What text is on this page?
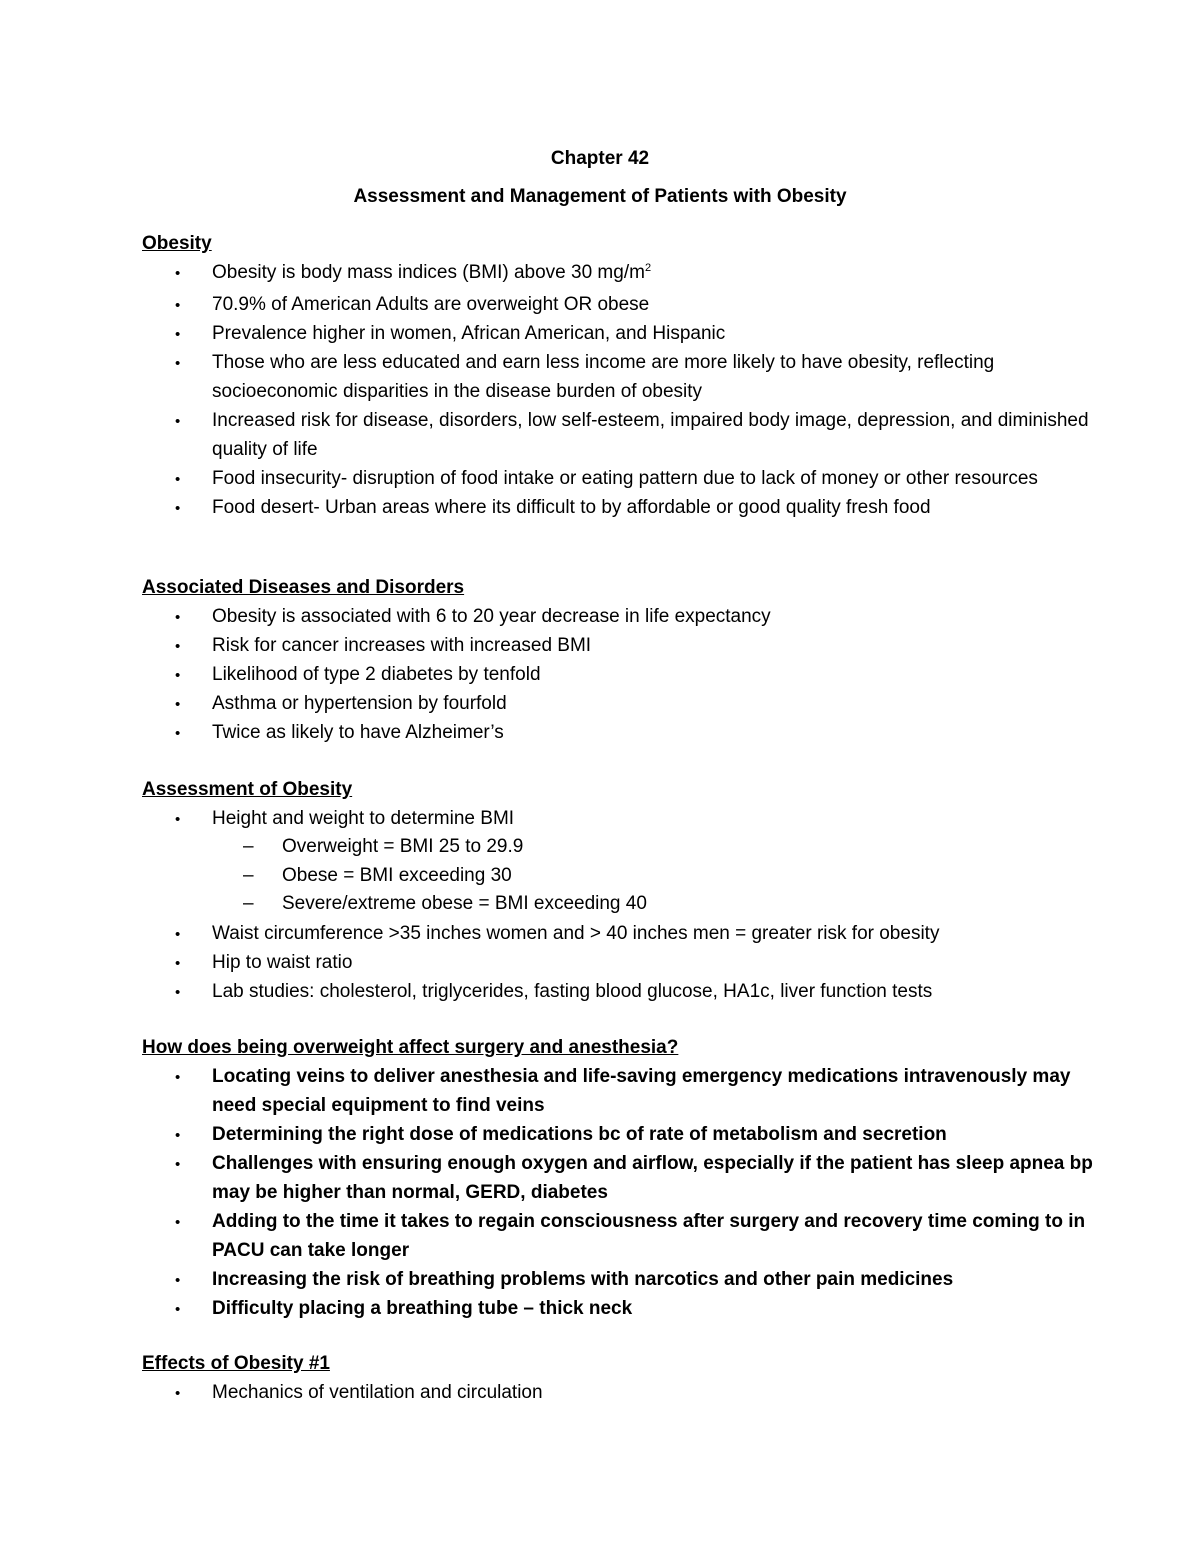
Chapter 42
Assessment and Management of Patients with Obesity
Obesity
• Obesity is body mass indices (BMI) above 30 $mg/m^2$
• 70.9% of American Adults are overweight OR obese
• Prevalence higher in women, African American, and Hispanic
• Those who are less educated and earn less income are more likely to have obesity, reflecting socioeconomic disparities in the disease burden of obesity
• Increased risk for disease, disorders, low self-esteem, impaired body image, depression, and diminished quality of life
• Food insecurity- disruption of food intake or eating pattern due to lack of money or other resources
• Food desert- Urban areas where its difficult to by affordable or good quality fresh food
Associated Diseases and Disorders
• Obesity is associated with 6 to 20 year decrease in life expectancy
• Risk for cancer increases with increased BMI
• Likelihood of type 2 diabetes by tenfold
• Asthma or hypertension by fourfold
• Twice as likely to have Alzheimer’s
Assessment of Obesity
• Height and weight to determine BMI
– Overweight = BMI 25 to 29.9
– Obese = BMI exceeding 30
– Severe/extreme obese = BMI exceeding 40
• Waist circumference >35 inches women and > 40 inches men = greater risk for obesity
• Hip to waist ratio
• Lab studies: cholesterol, triglycerides, fasting blood glucose, HA1c, liver function tests
How does being overweight affect surgery and anesthesia?
• Locating veins to deliver anesthesia and life-saving emergency medications intravenously may need special equipment to find veins
• Determining the right dose of medications bc of rate of metabolism and secretion
• Challenges with ensuring enough oxygen and airflow, especially if the patient has sleep apnea bp may be higher than normal, GERD, diabetes
• Adding to the time it takes to regain consciousness after surgery and recovery time coming to in PACU can take longer
• Increasing the risk of breathing problems with narcotics and other pain medicines
• Difficulty placing a breathing tube – thick neck
Effects of Obesity #1
• Mechanics of ventilation and circulation
